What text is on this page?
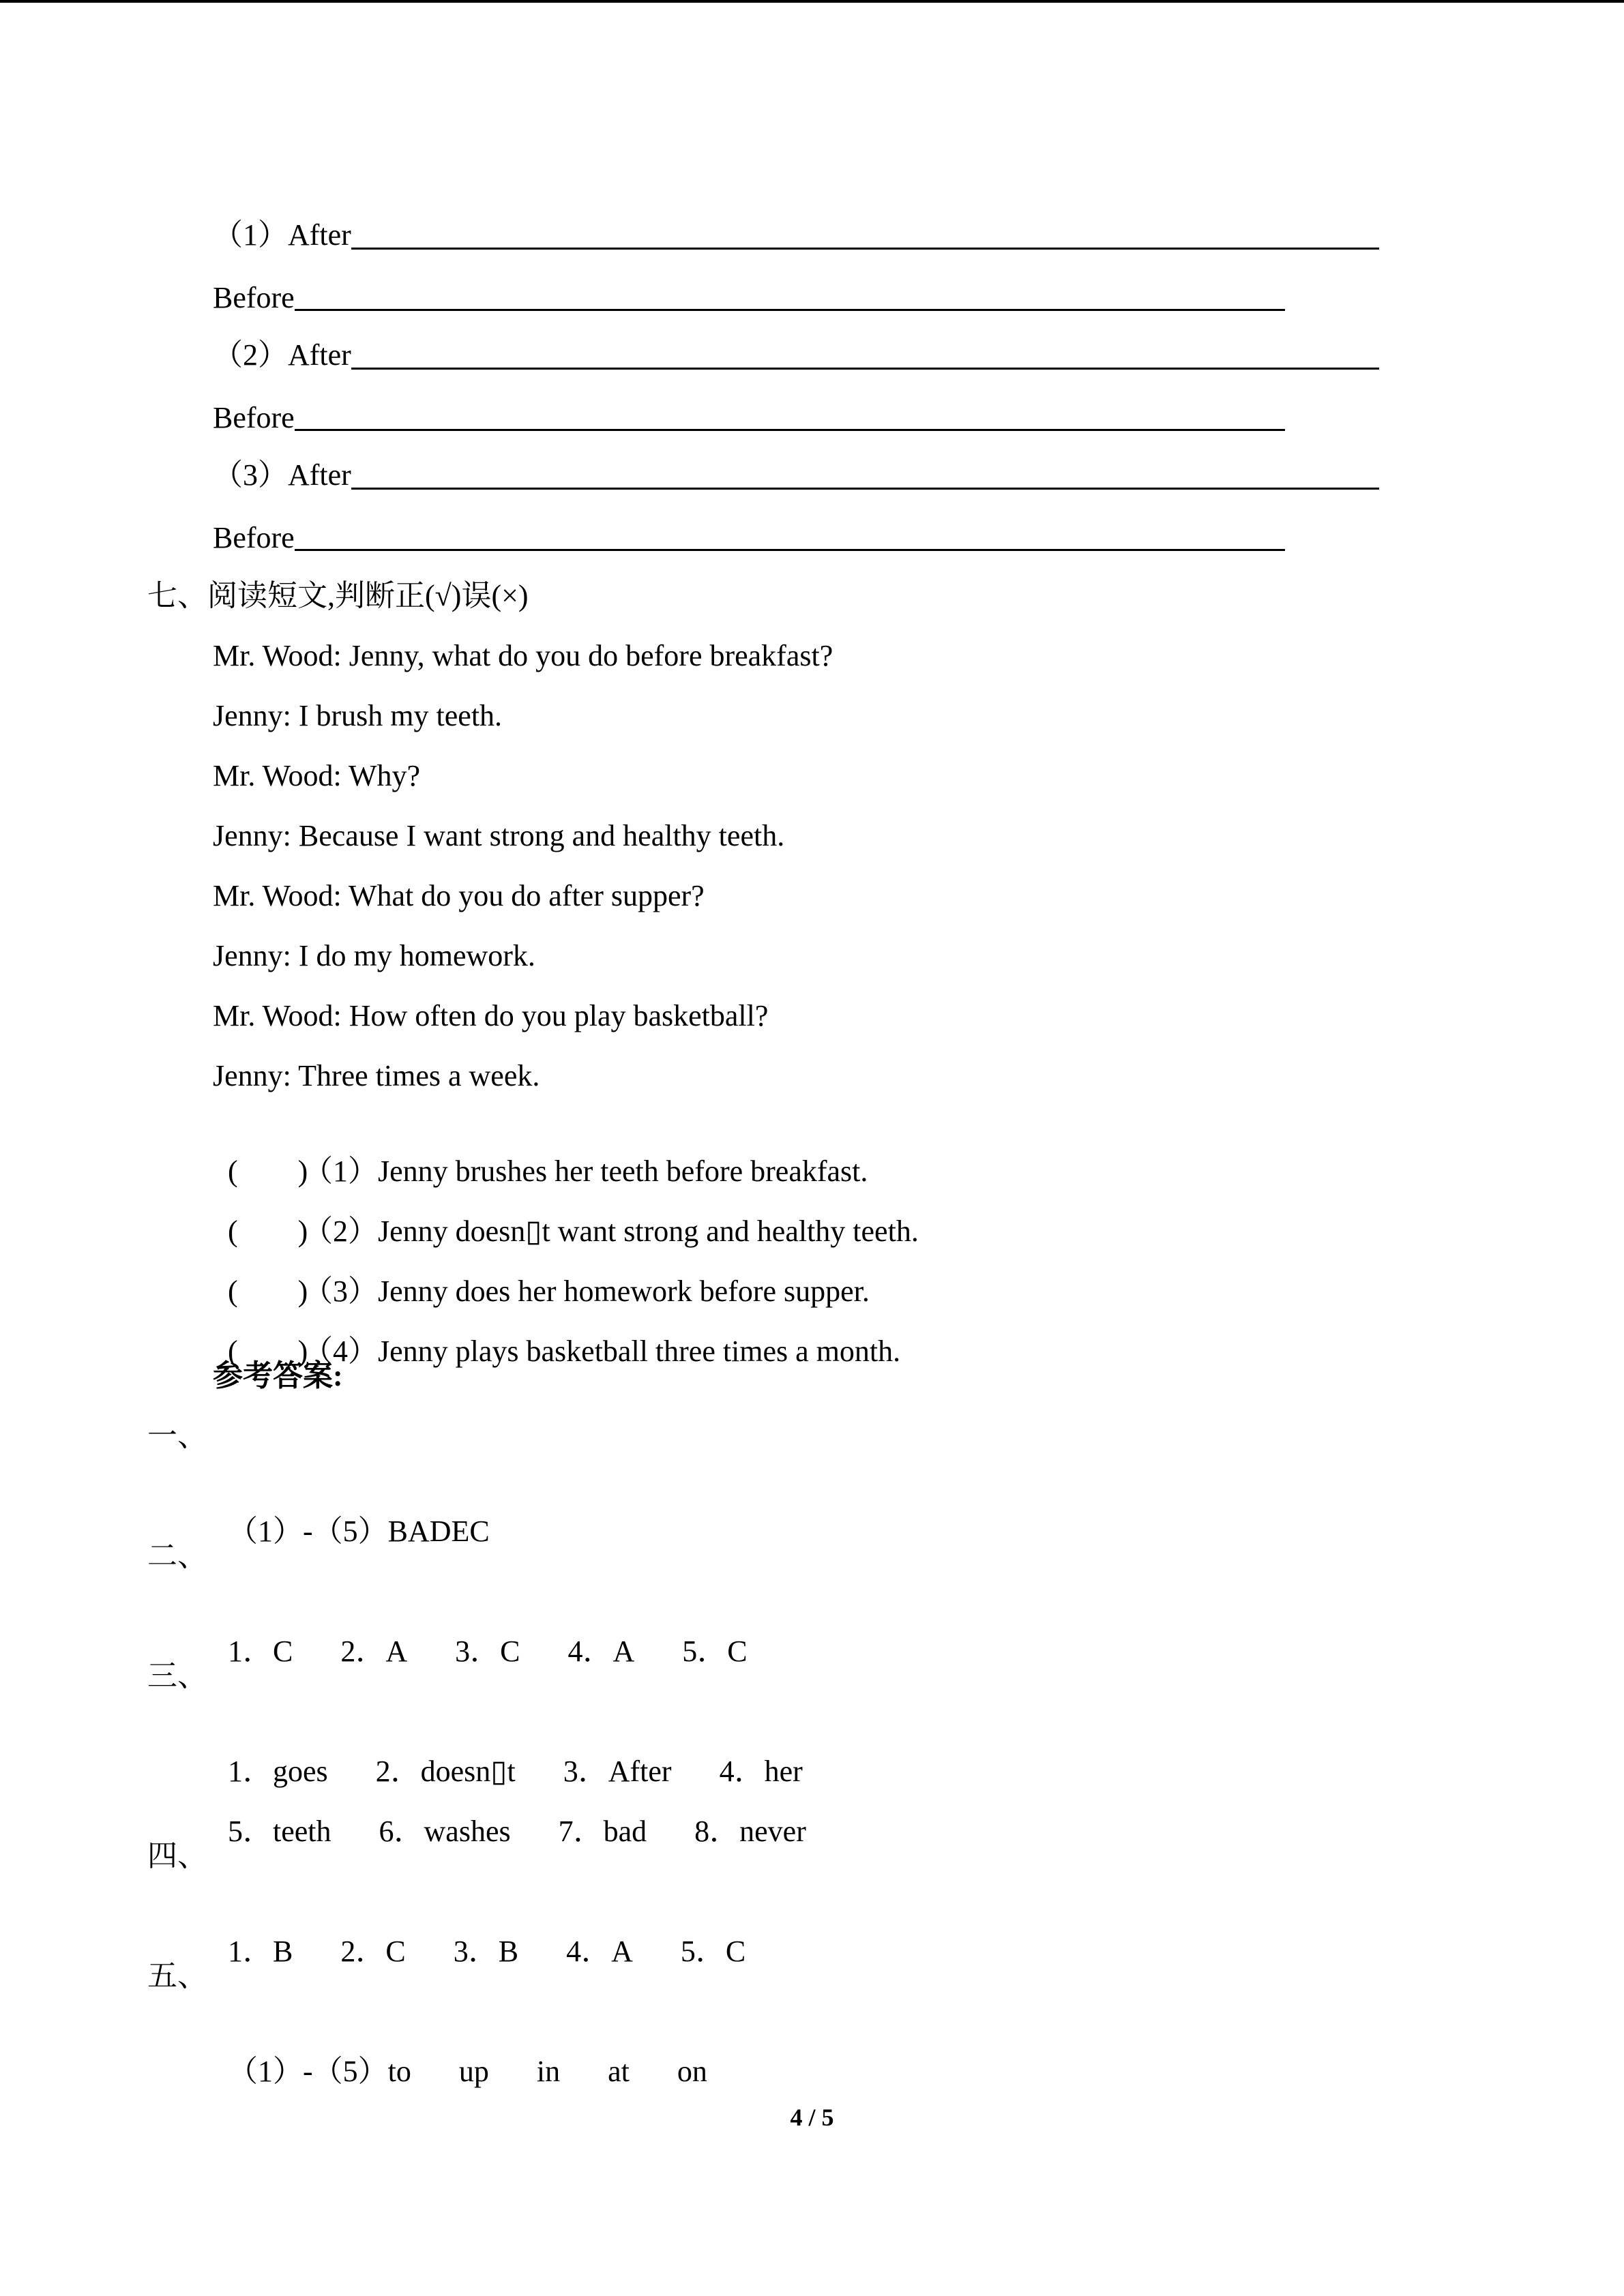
（1）After
Before
（2）After
Before
（3）After
Before
七、阅读短文,判断正(√)误(×)
Mr. Wood: Jenny, what do you do before breakfast?
Jenny: I brush my teeth.
Mr. Wood: Why?
Jenny: Because I want strong and healthy teeth.
Mr. Wood: What do you do after supper?
Jenny: I do my homework.
Mr. Wood: How often do you play basketball?
Jenny: Three times a week.

(        )（1）Jenny brushes her teeth before breakfast.

(        )（2）Jenny doesn▯t want strong and healthy teeth.

(        )（3）Jenny does her homework before supper.

(        )（4）Jenny plays basketball three times a month.

参考答案:
一、

（1）-（5）BADEC

二、

1．C 2．A 3．C 4．A 5．C

三、

1．goes 2．doesn▯t 3．After 4．her

5．teeth 6．washes 7．bad 8．never

四、

1．B 2．C 3．B 4．A 5．C

五、

（1）-（5）to up in at on

4 / 5
